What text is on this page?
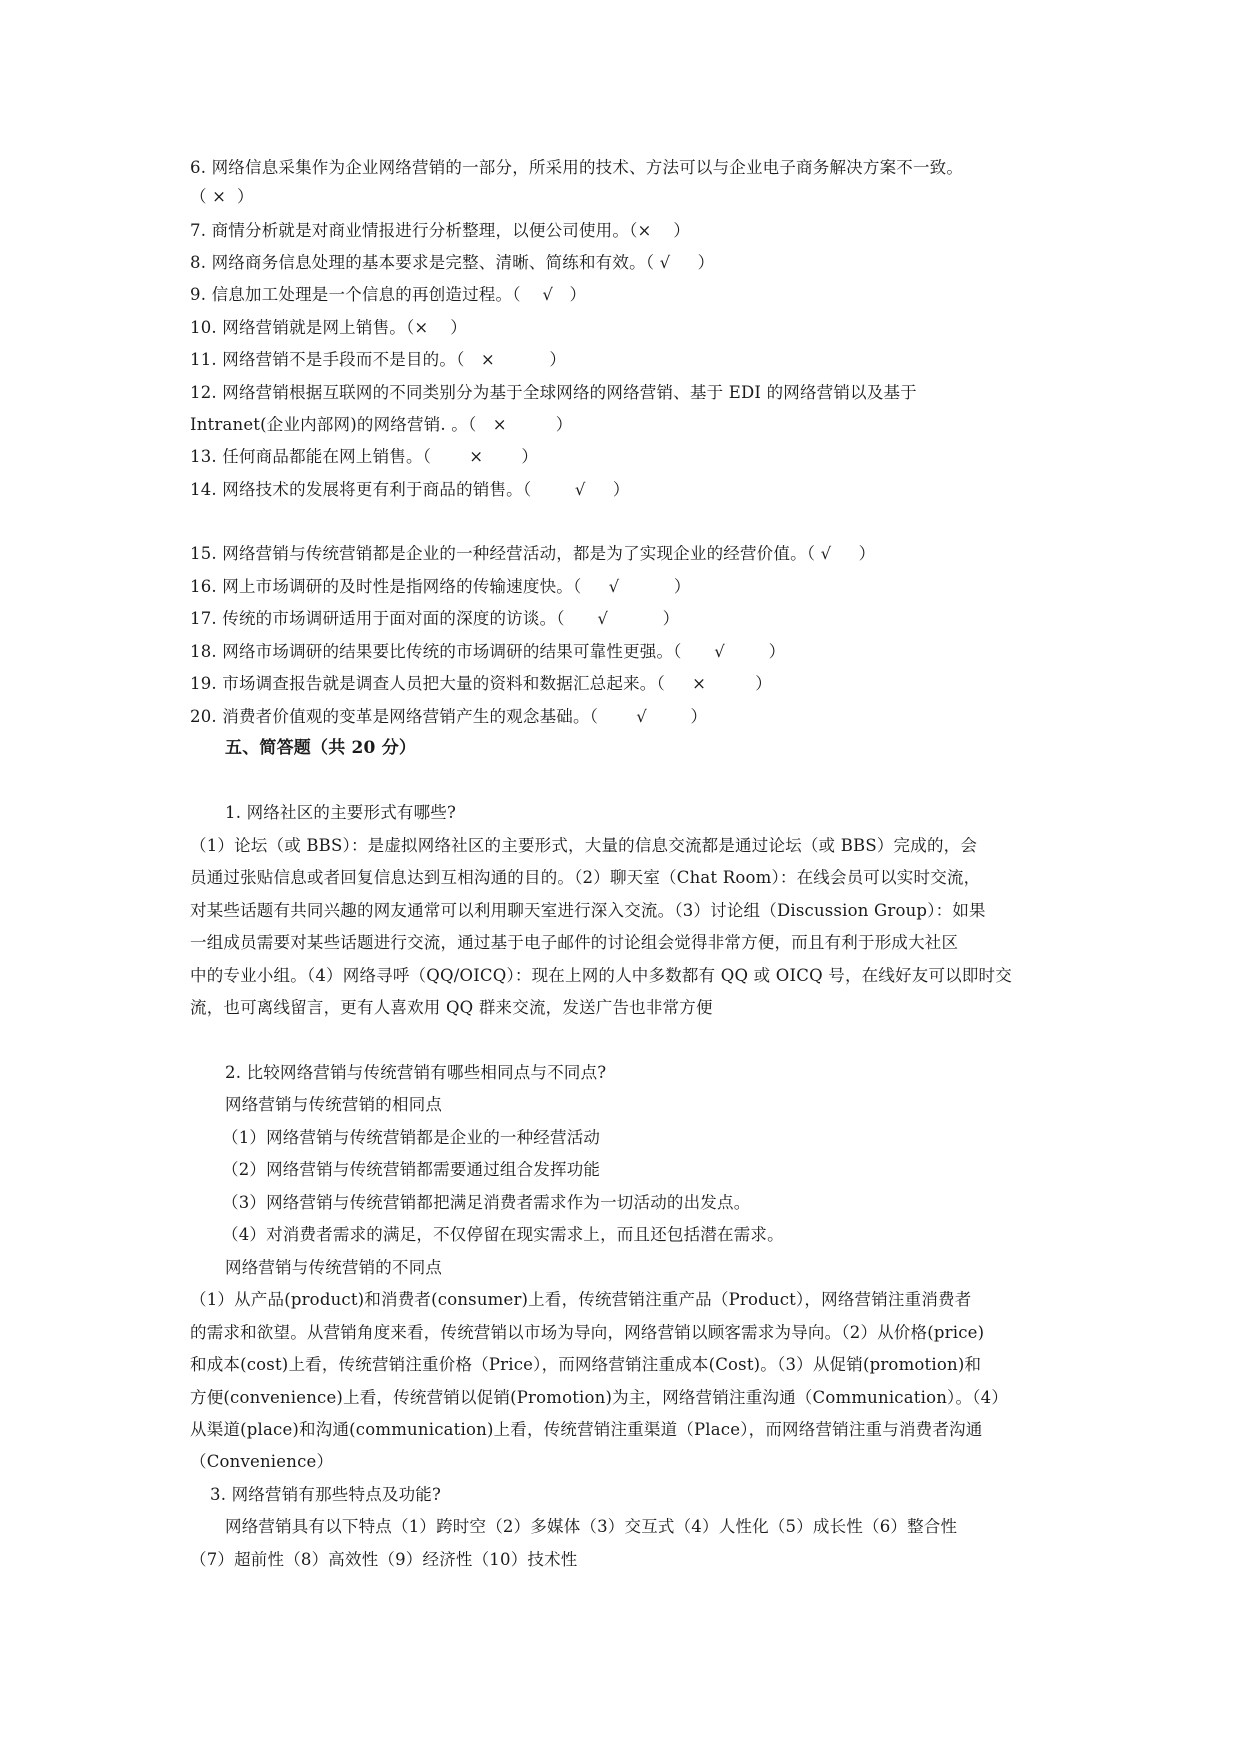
6. 网络信息采集作为企业网络营销的一部分，所采用的技术、方法可以与企业电子商务解决方案不一致。
（ ×  ）
7. 商情分析就是对商业情报进行分析整理，以便公司使用。（×    ）
8. 网络商务信息处理的基本要求是完整、清晰、简练和有效。（ √     ）
9. 信息加工处理是一个信息的再创造过程。（    √   ）
10. 网络营销就是网上销售。（×    ）
11. 网络营销不是手段而不是目的。（   ×          ）
12. 网络营销根据互联网的不同类别分为基于全球网络的网络营销、基于 EDI 的网络营销以及基于
Intranet(企业内部网)的网络营销. 。（   ×         ）
13. 任何商品都能在网上销售。（       ×       ）
14. 网络技术的发展将更有利于商品的销售。（        √     ）
15. 网络营销与传统营销都是企业的一种经营活动，都是为了实现企业的经营价值。（ √     ）
16. 网上市场调研的及时性是指网络的传输速度快。（     √          ）
17. 传统的市场调研适用于面对面的深度的访谈。（      √          ）
18. 网络市场调研的结果要比传统的市场调研的结果可靠性更强。（      √        ）
19. 市场调查报告就是调查人员把大量的资料和数据汇总起来。（     ×         ）
20. 消费者价值观的变革是网络营销产生的观念基础。（       √        ）
五、简答题（共 20 分）
1. 网络社区的主要形式有哪些?
（1）论坛（或 BBS）：是虚拟网络社区的主要形式，大量的信息交流都是通过论坛（或 BBS）完成的，会
员通过张贴信息或者回复信息达到互相沟通的目的。（2）聊天室（Chat Room）：在线会员可以实时交流，
对某些话题有共同兴趣的网友通常可以利用聊天室进行深入交流。（3）讨论组（Discussion Group）：如果
一组成员需要对某些话题进行交流，通过基于电子邮件的讨论组会觉得非常方便，而且有利于形成大社区
中的专业小组。（4）网络寻呼（QQ/OICQ）：现在上网的人中多数都有 QQ 或 OICQ 号，在线好友可以即时交
流，也可离线留言，更有人喜欢用 QQ 群来交流，发送广告也非常方便
2. 比较网络营销与传统营销有哪些相同点与不同点?
网络营销与传统营销的相同点
（1）网络营销与传统营销都是企业的一种经营活动
（2）网络营销与传统营销都需要通过组合发挥功能
（3）网络营销与传统营销都把满足消费者需求作为一切活动的出发点。
（4）对消费者需求的满足，不仅停留在现实需求上，而且还包括潜在需求。
网络营销与传统营销的不同点
（1）从产品(product)和消费者(consumer)上看，传统营销注重产品（Product），网络营销注重消费者
的需求和欲望。从营销角度来看，传统营销以市场为导向，网络营销以顾客需求为导向。（2）从价格(price)
和成本(cost)上看，传统营销注重价格（Price），而网络营销注重成本(Cost)。（3）从促销(promotion)和
方便(convenience)上看，传统营销以促销(Promotion)为主，网络营销注重沟通（Communication）。（4）
从渠道(place)和沟通(communication)上看，传统营销注重渠道（Place），而网络营销注重与消费者沟通
（Convenience）
3. 网络营销有那些特点及功能?
网络营销具有以下特点（1）跨时空（2）多媒体（3）交互式（4）人性化（5）成长性（6）整合性
（7）超前性（8）高效性（9）经济性（10）技术性
